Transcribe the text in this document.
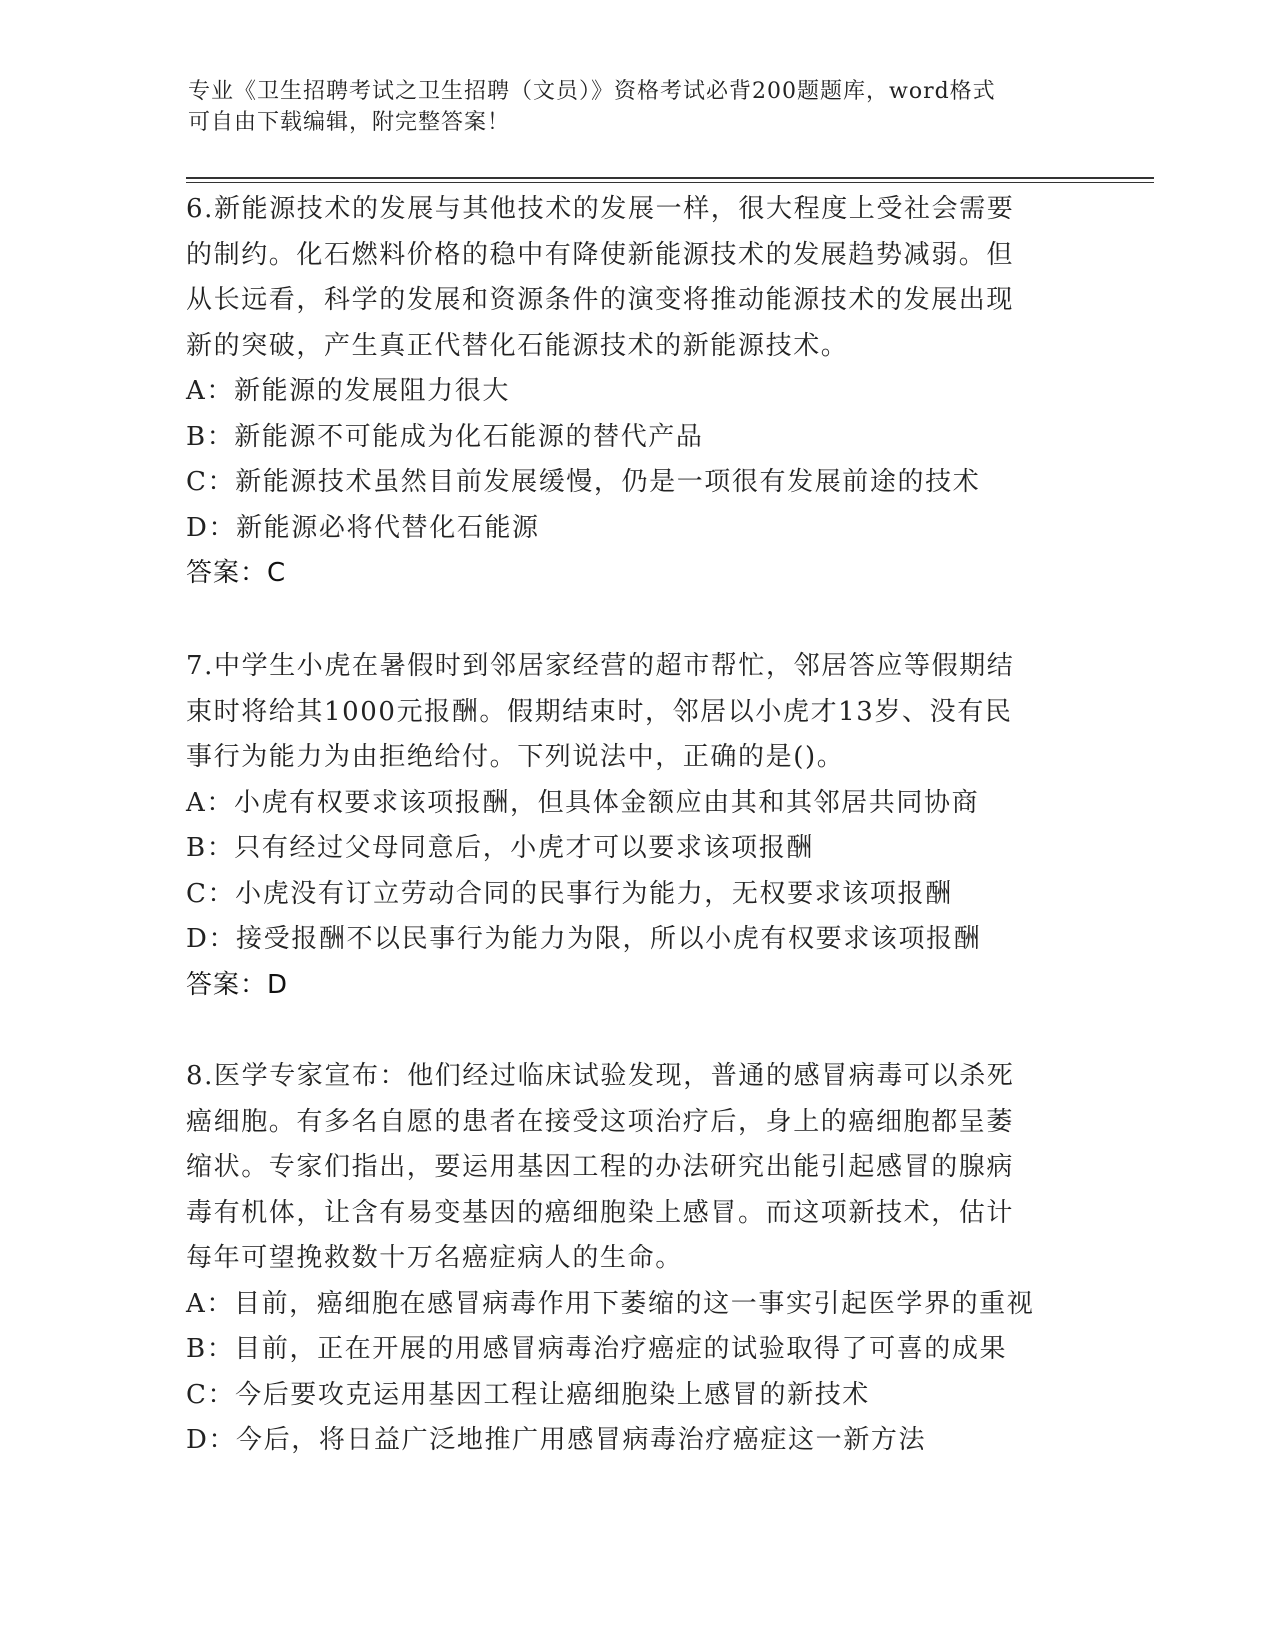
专业《卫生招聘考试之卫生招聘（文员）》资格考试必背200题题库，word格式
可自由下载编辑，附完整答案！
6.新能源技术的发展与其他技术的发展一样，很大程度上受社会需要
的制约。化石燃料价格的稳中有降使新能源技术的发展趋势减弱。但
从长远看，科学的发展和资源条件的演变将推动能源技术的发展出现
新的突破，产生真正代替化石能源技术的新能源技术。
A：新能源的发展阻力很大
B：新能源不可能成为化石能源的替代产品
C：新能源技术虽然目前发展缓慢，仍是一项很有发展前途的技术
D：新能源必将代替化石能源
答案：C
7.中学生小虎在暑假时到邻居家经营的超市帮忙，邻居答应等假期结
束时将给其1000元报酬。假期结束时，邻居以小虎才13岁、没有民
事行为能力为由拒绝给付。下列说法中，正确的是()。
A：小虎有权要求该项报酬，但具体金额应由其和其邻居共同协商
B：只有经过父母同意后，小虎才可以要求该项报酬
C：小虎没有订立劳动合同的民事行为能力，无权要求该项报酬
D：接受报酬不以民事行为能力为限，所以小虎有权要求该项报酬
答案：D
8.医学专家宣布：他们经过临床试验发现，普通的感冒病毒可以杀死
癌细胞。有多名自愿的患者在接受这项治疗后，身上的癌细胞都呈萎
缩状。专家们指出，要运用基因工程的办法研究出能引起感冒的腺病
毒有机体，让含有易变基因的癌细胞染上感冒。而这项新技术，估计
每年可望挽救数十万名癌症病人的生命。
A：目前，癌细胞在感冒病毒作用下萎缩的这一事实引起医学界的重视
B：目前，正在开展的用感冒病毒治疗癌症的试验取得了可喜的成果
C：今后要攻克运用基因工程让癌细胞染上感冒的新技术
D：今后，将日益广泛地推广用感冒病毒治疗癌症这一新方法
